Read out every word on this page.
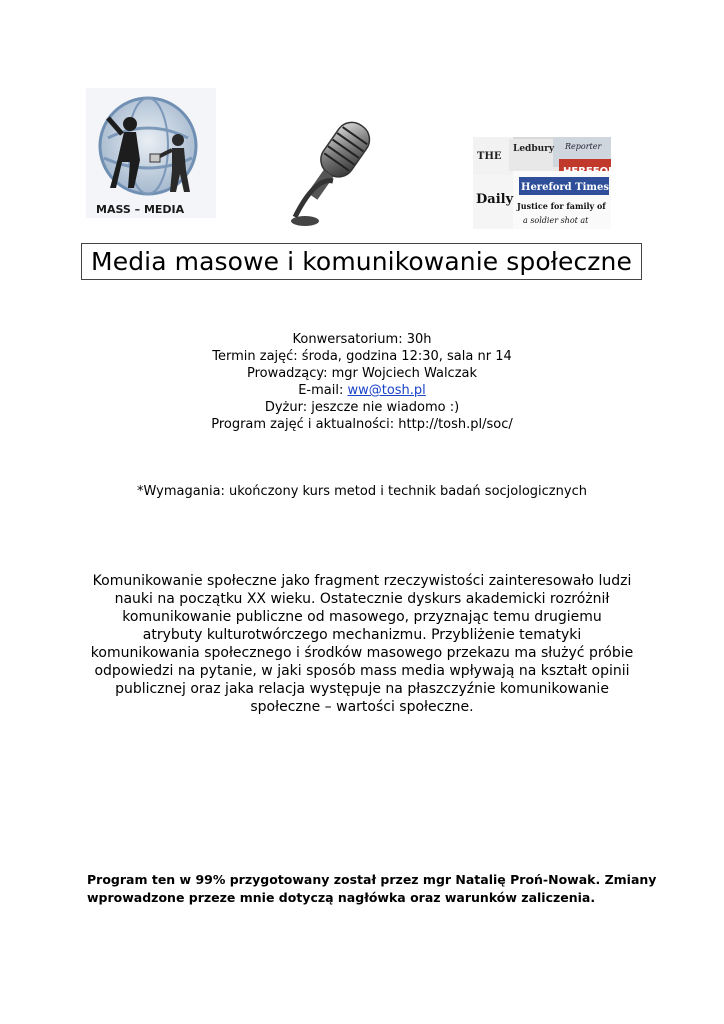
MASS – MEDIA
THE
Ledbury Reporter
HEREFORD
Daily
Hereford Times
Justice for family of
a soldier shot at
Media masowe i komunikowanie społeczne
Konwersatorium: 30h
Termin zajęć: środa, godzina 12:30, sala nr 14
Prowadzący: mgr Wojciech Walczak
E-mail: ww@tosh.pl
Dyżur: jeszcze nie wiadomo :)
Program zajęć i aktualności: http://tosh.pl/soc/
*Wymagania: ukończony kurs metod i technik badań socjologicznych
Komunikowanie społeczne jako fragment rzeczywistości zainteresowało ludzi
nauki na początku XX wieku. Ostatecznie dyskurs akademicki rozróżnił
komunikowanie publiczne od masowego, przyznając temu drugiemu
atrybuty kulturotwórczego mechanizmu. Przybliżenie tematyki
komunikowania społecznego i środków masowego przekazu ma służyć próbie
odpowiedzi na pytanie, w jaki sposób mass media wpływają na kształt opinii
publicznej oraz jaka relacja występuje na płaszczyźnie komunikowanie
społeczne – wartości społeczne.
Program ten w 99% przygotowany został przez mgr Natalię Proń-Nowak. Zmiany
wprowadzone przeze mnie dotyczą nagłówka oraz warunków zaliczenia.
